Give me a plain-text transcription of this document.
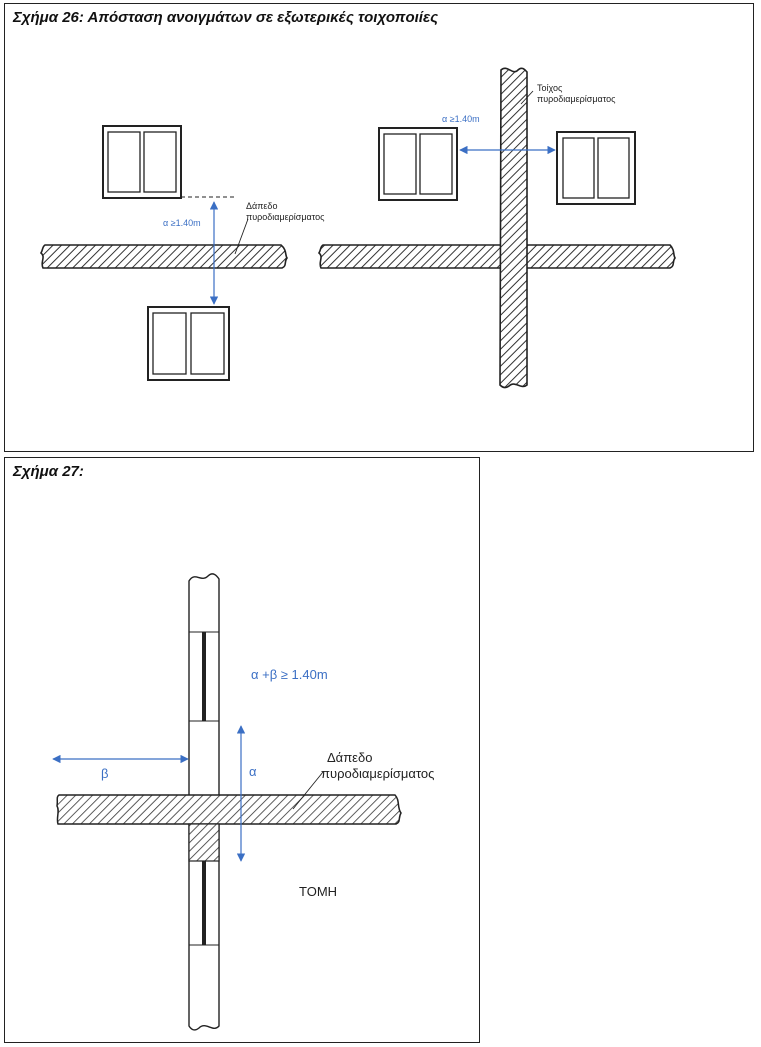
Σχήμα 26: Απόσταση ανοιγμάτων σε εξωτερικές τοιχοποιίες
α ≥1.40m
Δάπεδο πυροδιαμερίσματος
α ≥1.40m
Τοίχος πυροδιαμερίσματος
Σχήμα 27:
β	α
α +β ≥ 1.40m
Δάπεδο
πυροδιαμερίσματος
ΤΟΜΗ
